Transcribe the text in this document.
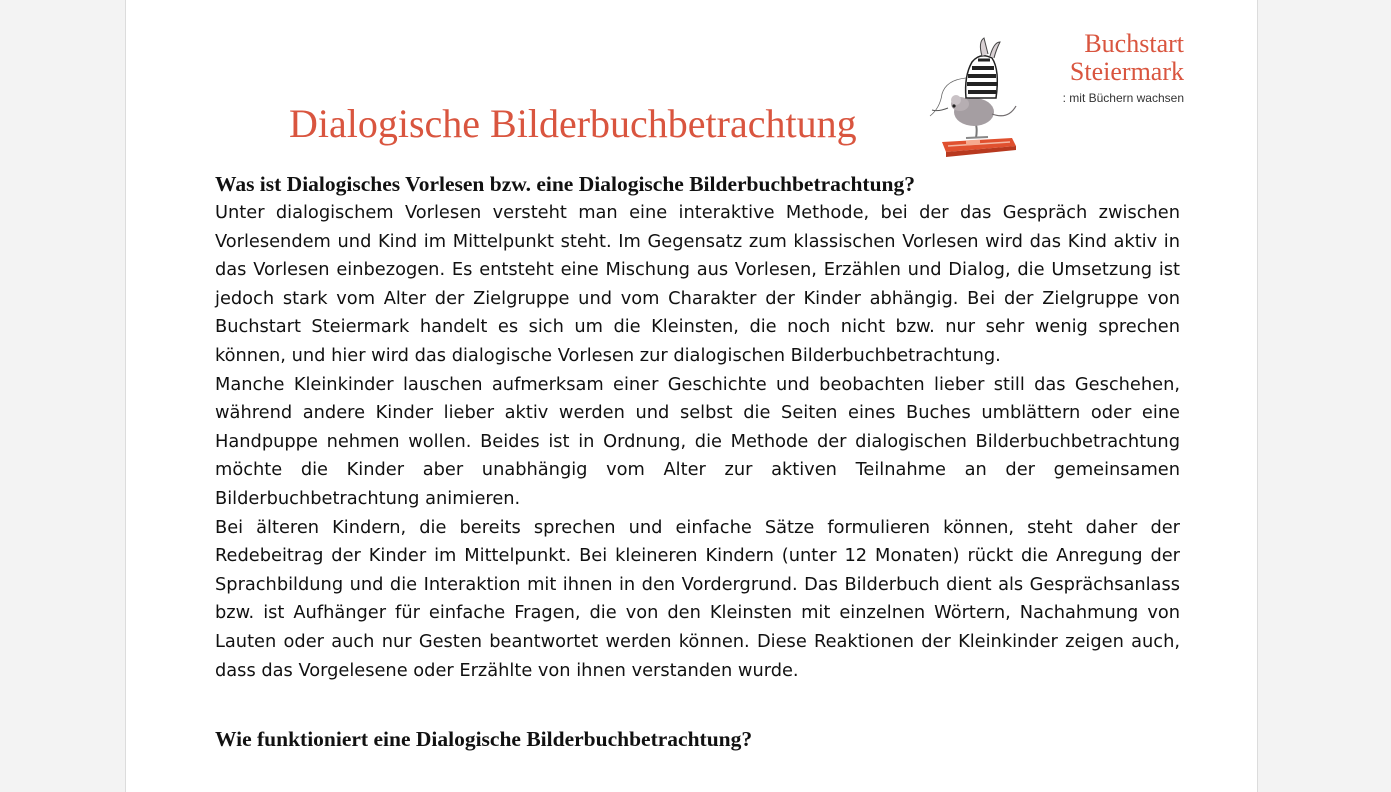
Dialogische Bilderbuchbetrachtung
Buchstart
Steiermark
: mit Büchern wachsen
Was ist Dialogisches Vorlesen bzw. eine Dialogische Bilderbuchbetrachtung?

Unter dialogischem Vorlesen versteht man eine interaktive Methode, bei der das Gespräch zwischen Vorlesendem und Kind im Mittelpunkt steht. Im Gegensatz zum klassischen Vorlesen wird das Kind aktiv in das Vorlesen einbezogen. Es entsteht eine Mischung aus Vorlesen, Erzählen und Dialog, die Umsetzung ist jedoch stark vom Alter der Zielgruppe und vom Charakter der Kinder abhängig. Bei der Zielgruppe von Buchstart Steiermark handelt es sich um die Kleinsten, die noch nicht bzw. nur sehr wenig sprechen können, und hier wird das dialogische Vorlesen zur dialogischen Bilderbuchbetrachtung.

Manche Kleinkinder lauschen aufmerksam einer Geschichte und beobachten lieber still das Geschehen, während andere Kinder lieber aktiv werden und selbst die Seiten eines Buches umblättern oder eine Handpuppe nehmen wollen. Beides ist in Ordnung, die Methode der dialogischen Bilderbuchbetrachtung möchte die Kinder aber unabhängig vom Alter zur aktiven Teilnahme an der gemeinsamen Bilderbuchbetrachtung animieren.

Bei älteren Kindern, die bereits sprechen und einfache Sätze formulieren können, steht daher der Redebeitrag der Kinder im Mittelpunkt. Bei kleineren Kindern (unter 12 Monaten) rückt die Anregung der Sprachbildung und die Interaktion mit ihnen in den Vordergrund. Das Bilderbuch dient als Gesprächsanlass bzw. ist Aufhänger für einfache Fragen, die von den Kleinsten mit einzelnen Wörtern, Nachahmung von Lauten oder auch nur Gesten beantwortet werden können. Diese Reaktionen der Kleinkinder zeigen auch, dass das Vorgelesene oder Erzählte von ihnen verstanden wurde.

Wie funktioniert eine Dialogische Bilderbuchbetrachtung?
